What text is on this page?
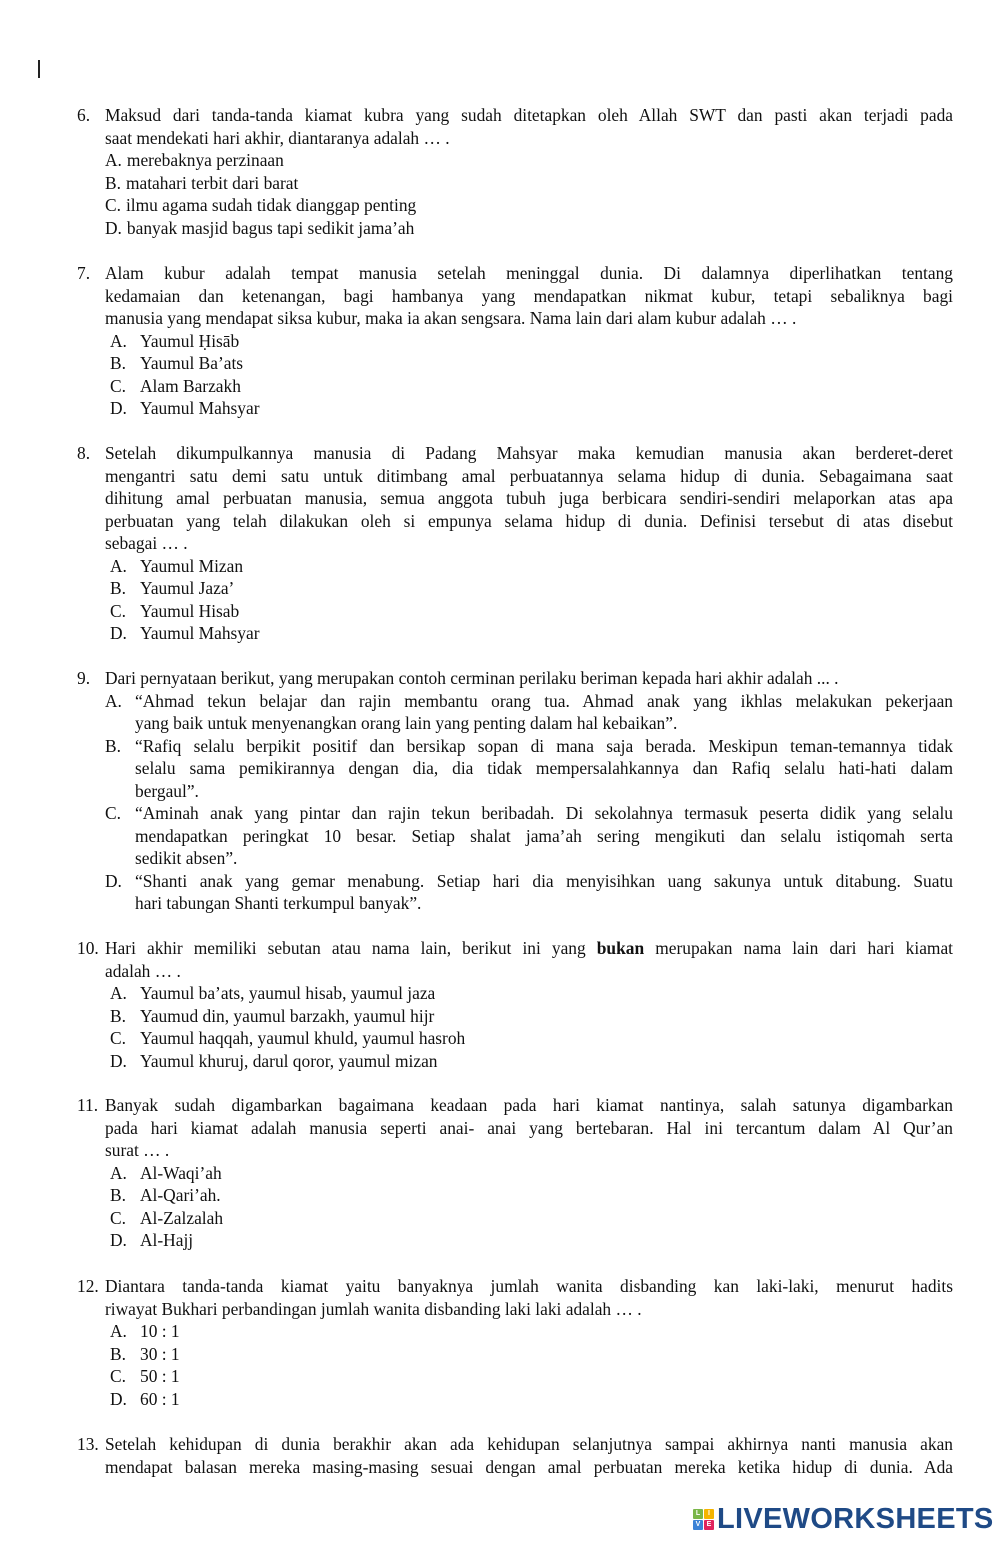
6. Maksud dari tanda-tanda kiamat kubra yang sudah ditetapkan oleh Allah SWT dan pasti akan terjadi pada
saat mendekati hari akhir, diantaranya adalah … .
A. merebaknya perzinaan
B. matahari terbit dari barat
C. ilmu agama sudah tidak dianggap penting
D. banyak masjid bagus tapi sedikit jama’ah
7. Alam kubur adalah tempat manusia setelah meninggal dunia. Di dalamnya diperlihatkan tentang
kedamaian dan ketenangan, bagi hambanya yang mendapatkan nikmat kubur, tetapi sebaliknya bagi
manusia yang mendapat siksa kubur, maka ia akan sengsara. Nama lain dari alam kubur adalah … .
A. Yaumul Ḥisāb
B. Yaumul Ba’ats
C. Alam Barzakh
D. Yaumul Mahsyar
8. Setelah dikumpulkannya manusia di Padang Mahsyar maka kemudian manusia akan berderet-deret
mengantri satu demi satu untuk ditimbang amal perbuatannya selama hidup di dunia. Sebagaimana saat
dihitung amal perbuatan manusia, semua anggota tubuh juga berbicara sendiri-sendiri melaporkan atas apa
perbuatan yang telah dilakukan oleh si empunya selama hidup di dunia. Definisi tersebut di atas disebut
sebagai … .
A. Yaumul Mizan
B. Yaumul Jaza’
C. Yaumul Hisab
D. Yaumul Mahsyar
9. Dari pernyataan berikut, yang merupakan contoh cerminan perilaku beriman kepada hari akhir adalah ... .
A. “Ahmad tekun belajar dan rajin membantu orang tua. Ahmad anak yang ikhlas melakukan pekerjaan
yang baik untuk menyenangkan orang lain yang penting dalam hal kebaikan”.
B. “Rafiq selalu berpikit positif dan bersikap sopan di mana saja berada. Meskipun teman-temannya tidak
selalu sama pemikirannya dengan dia, dia tidak mempersalahkannya dan Rafiq selalu hati-hati dalam
bergaul”.
C. “Aminah anak yang pintar dan rajin tekun beribadah. Di sekolahnya termasuk peserta didik yang selalu
mendapatkan peringkat 10 besar. Setiap shalat jama’ah sering mengikuti dan selalu istiqomah serta
sedikit absen”.
D. “Shanti anak yang gemar menabung. Setiap hari dia menyisihkan uang sakunya untuk ditabung. Suatu
hari tabungan Shanti terkumpul banyak”.
10. Hari akhir memiliki sebutan atau nama lain, berikut ini yang bukan merupakan nama lain dari hari kiamat
adalah … .
A. Yaumul ba’ats, yaumul hisab, yaumul jaza
B. Yaumud din, yaumul barzakh, yaumul hijr
C. Yaumul haqqah, yaumul khuld, yaumul hasroh
D. Yaumul khuruj, darul qoror, yaumul mizan
11. Banyak sudah digambarkan bagaimana keadaan pada hari kiamat nantinya, salah satunya digambarkan
pada hari kiamat adalah manusia seperti anai- anai yang bertebaran. Hal ini tercantum dalam Al Qur’an
surat … .
A. Al-Waqi’ah
B. Al-Qari’ah.
C. Al-Zalzalah
D. Al-Hajj
12. Diantara tanda-tanda kiamat yaitu banyaknya jumlah wanita disbanding kan laki-laki, menurut hadits
riwayat Bukhari perbandingan jumlah wanita disbanding laki laki adalah … .
A. 10 : 1
B. 30 : 1
C. 50 : 1
D. 60 : 1
13. Setelah kehidupan di dunia berakhir akan ada kehidupan selanjutnya sampai akhirnya nanti manusia akan
mendapat balasan mereka masing-masing sesuai dengan amal perbuatan mereka ketika hidup di dunia. Ada
L	I
V E LIVEWORKSHEETS
